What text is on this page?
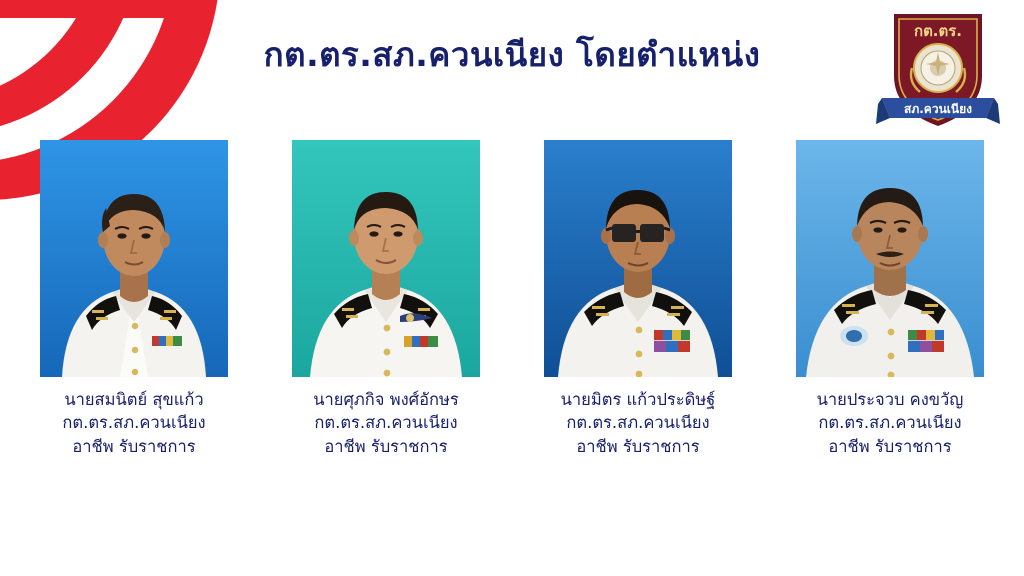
กต.ตร.สภ.ควนเนียง โดยตำแหน่ง
กต.ตร.
สภ.ควนเนียง
นายสมนิตย์ สุขแก้ว
กต.ตร.สภ.ควนเนียง
อาชีพ รับราชการ
นายศุภกิจ พงศ์อักษร
กต.ตร.สภ.ควนเนียง
อาชีพ รับราชการ
นายมิตร แก้วประดิษฐ์
กต.ตร.สภ.ควนเนียง
อาชีพ รับราชการ
นายประจวบ คงขวัญ
กต.ตร.สภ.ควนเนียง
อาชีพ รับราชการ
